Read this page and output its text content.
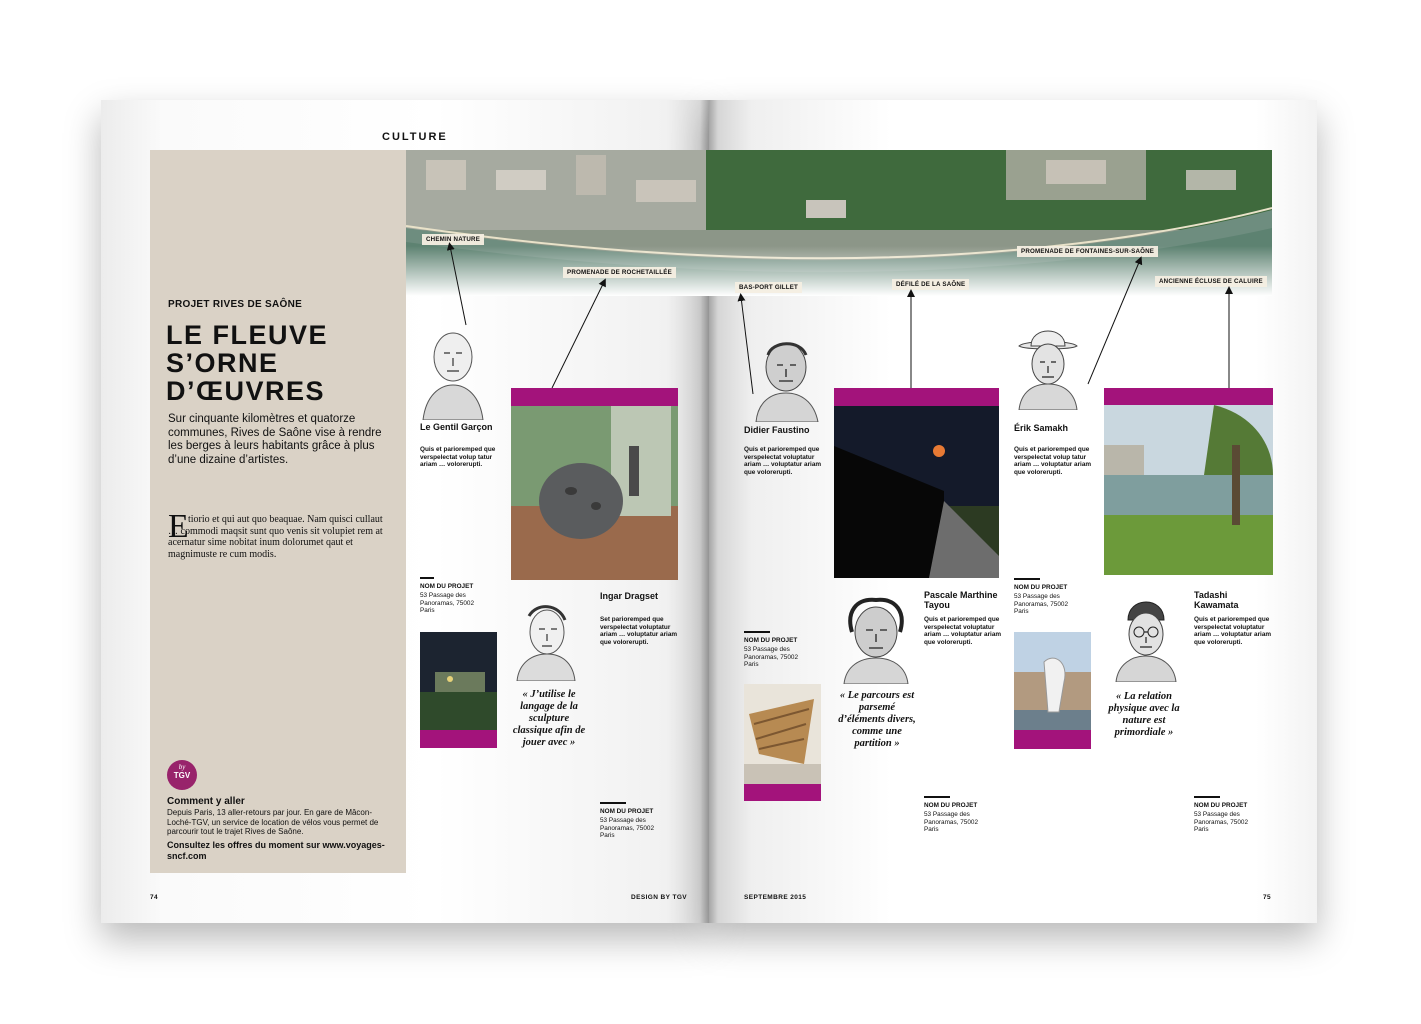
CULTURE
PROJET RIVES DE SAÔNE
LE FLEUVE S’ORNE D’ŒUVRES
Sur cinquante kilomètres et quatorze communes, Rives de Saône vise à rendre les berges à leurs habitants grâce à plus d’une dizaine d’artistes.
E tiorio et qui aut quo beaquae. Nam quisci cullaut … commodi maqsit sunt quo venis sit volupiet rem at acernatur sime nobitat inum dolorumet qaut et magnimuste re cum modis.
by
TGV
Comment y aller
Depuis Paris, 13 aller-retours par jour. En gare de Mâcon-Loché-TGV, un service de location de vélos vous permet de parcourir tout le trajet Rives de Saône.
Consultez les offres du moment sur www.voyages-sncf.com
74	DESIGN BY TGV	SEPTEMBRE 2015	75
CHEMIN NATURE
PROMENADE DE ROCHETAILLÉE
BAS-PORT GILLET	DÉFILÉ DE LA SAÔNE
PROMENADE DE FONTAINES-SUR-SAÔNE
ANCIENNE ÉCLUSE DE CALUIRE
Le Gentil Garçon
Quis et parioremped que verspelectat volup tatur ariam … volorerupti.
NOM DU PROJET
53 Passage des Panoramas, 75002 Paris
Ingar Dragset
Set parioremped que verspelectat voluptatur ariam … voluptatur ariam que volorerupti.
« J’utilise le langage de la sculpture classique afin de jouer avec »
NOM DU PROJET
53 Passage des Panoramas, 75002 Paris
Didier Faustino
Quis et parioremped que verspelectat voluptatur ariam … voluptatur ariam que volorerupti.
NOM DU PROJET
53 Passage des Panoramas, 75002 Paris
Pascale Marthine Tayou
Quis et parioremped que verspelectat voluptatur ariam … voluptatur ariam que volorerupti.
« Le parcours est parsemé d’éléments divers, comme une partition »
NOM DU PROJET
53 Passage des Panoramas, 75002 Paris
Érik Samakh
Quis et parioremped que verspelectat volup tatur ariam … voluptatur ariam que volorerupti.
NOM DU PROJET
53 Passage des Panoramas, 75002 Paris
Tadashi Kawamata
Quis et parioremped que verspelectat voluptatur ariam … voluptatur ariam que volorerupti.
« La relation physique avec la nature est primordiale »
NOM DU PROJET
53 Passage des Panoramas, 75002 Paris
